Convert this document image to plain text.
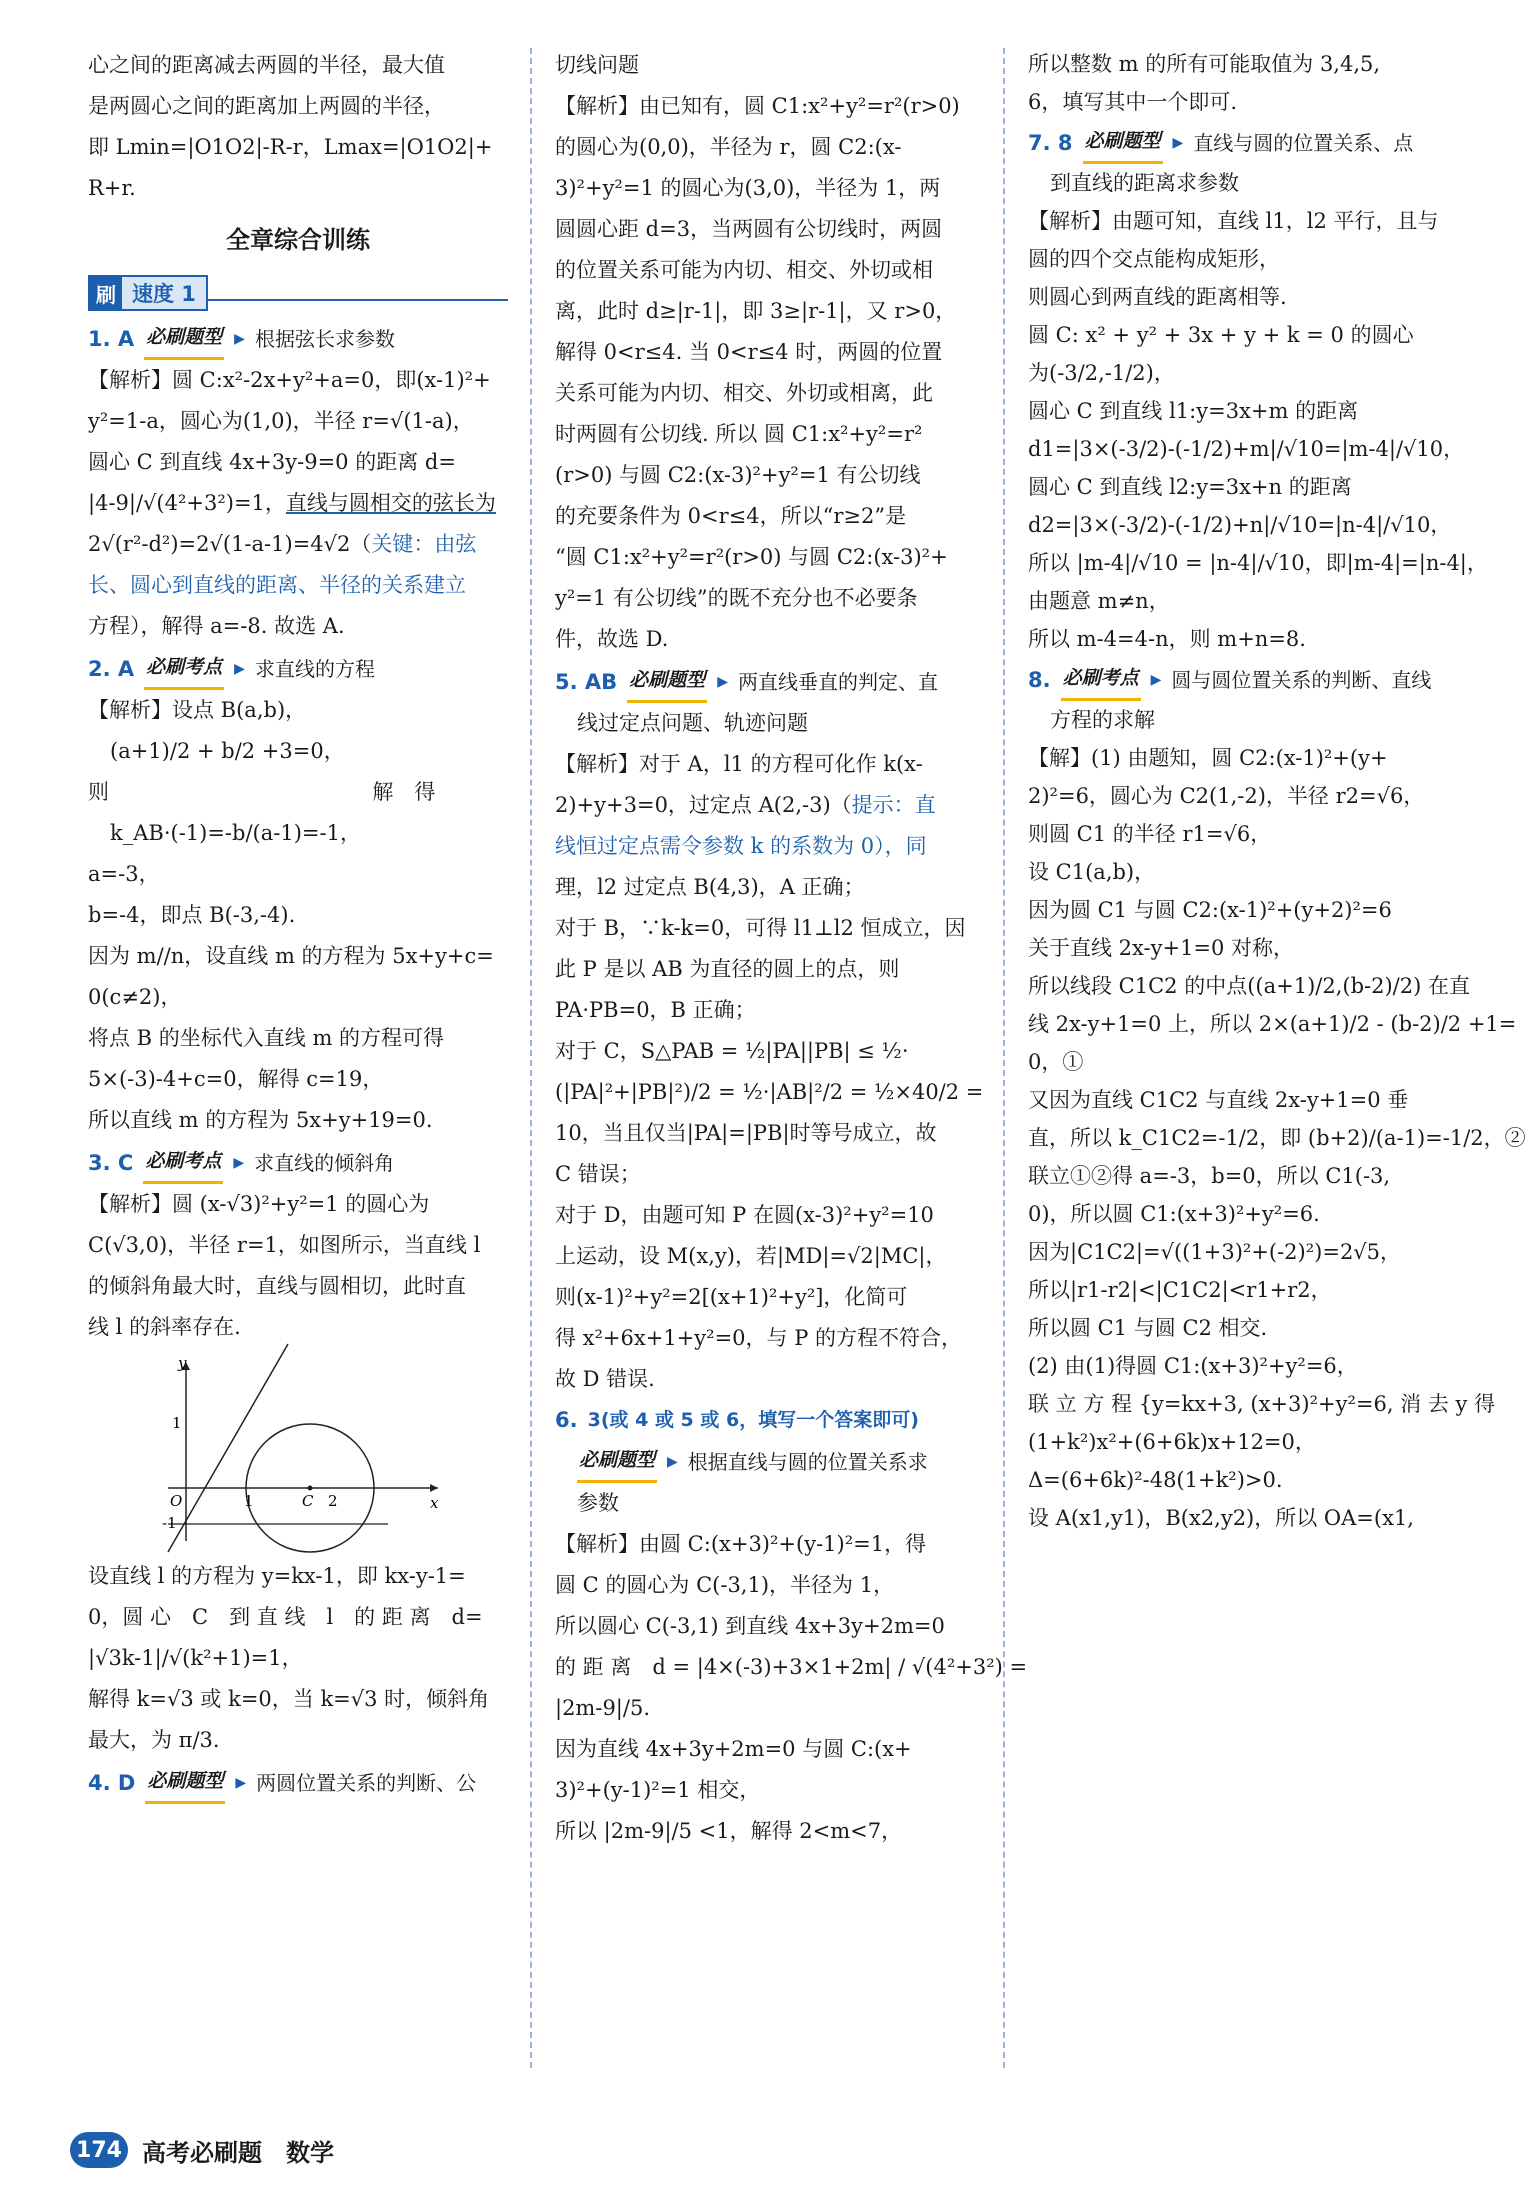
心之间的距离减去两圆的半径，最大值
是两圆心之间的距离加上两圆的半径，
即 Lmin=|O1O2|-R-r，Lmax=|O1O2|+
R+r.
全章综合训练
刷 速度 1
1. A 必刷题型 ▶ 根据弦长求参数
【解析】圆 C:x²-2x+y²+a=0，即(x-1)²+
y²=1-a，圆心为(1,0)，半径 r=√(1-a)，
圆心 C 到直线 4x+3y-9=0 的距离 d=
|4-9|/√(4²+3²)=1，直线与圆相交的弦长为
2√(r²-d²)=2√(1-a-1)=4√2（关键：由弦
长、圆心到直线的距离、半径的关系建立
方程），解得 a=-8. 故选 A.
2. A 必刷考点 ▶ 求直线的方程
【解析】设点 B(a,b)，
(a+1)/2 + b/2 +3=0，
则	解　得
k_AB·(-1)=-b/(a-1)=-1，
a=-3，
b=-4，即点 B(-3,-4).
因为 m//n，设直线 m 的方程为 5x+y+c=
0(c≠2)，
将点 B 的坐标代入直线 m 的方程可得
5×(-3)-4+c=0，解得 c=19，
所以直线 m 的方程为 5x+y+19=0.
3. C 必刷考点 ▶ 求直线的倾斜角
【解析】圆 (x-√3)²+y²=1 的圆心为
C(√3,0)，半径 r=1，如图所示，当直线 l
的倾斜角最大时，直线与圆相切，此时直
线 l 的斜率存在.
y
x
O	1	C 2
1
-1
设直线 l 的方程为 y=kx-1，即 kx-y-1=
0，圆 心　C　到 直 线　l　的 距 离　d=
|√3k-1|/√(k²+1)=1，
解得 k=√3 或 k=0，当 k=√3 时，倾斜角
最大，为 π/3.
4. D 必刷题型 ▶ 两圆位置关系的判断、公
切线问题
【解析】由已知有，圆 C1:x²+y²=r²(r>0)
的圆心为(0,0)，半径为 r，圆 C2:(x-
3)²+y²=1 的圆心为(3,0)，半径为 1，两
圆圆心距 d=3，当两圆有公切线时，两圆
的位置关系可能为内切、相交、外切或相
离，此时 d≥|r-1|，即 3≥|r-1|，又 r>0，
解得 0<r≤4. 当 0<r≤4 时，两圆的位置
关系可能为内切、相交、外切或相离，此
时两圆有公切线. 所以 圆 C1:x²+y²=r²
(r>0) 与圆 C2:(x-3)²+y²=1 有公切线
的充要条件为 0<r≤4，所以“r≥2”是
“圆 C1:x²+y²=r²(r>0) 与圆 C2:(x-3)²+
y²=1 有公切线”的既不充分也不必要条
件，故选 D.
5. AB 必刷题型 ▶ 两直线垂直的判定、直
线过定点问题、轨迹问题
【解析】对于 A，l1 的方程可化作 k(x-
2)+y+3=0，过定点 A(2,-3)（提示：直
线恒过定点需令参数 k 的系数为 0），同
理，l2 过定点 B(4,3)，A 正确；
对于 B，∵k-k=0，可得 l1⊥l2 恒成立，因
此 P 是以 AB 为直径的圆上的点，则
PA·PB=0，B 正确；
对于 C，S△PAB = ½|PA||PB| ≤ ½·
(|PA|²+|PB|²)/2 = ½·|AB|²/2 = ½×40/2 =
10，当且仅当|PA|=|PB|时等号成立，故
C 错误；
对于 D，由题可知 P 在圆(x-3)²+y²=10
上运动，设 M(x,y)，若|MD|=√2|MC|，
则(x-1)²+y²=2[(x+1)²+y²]，化简可
得 x²+6x+1+y²=0，与 P 的方程不符合，
故 D 错误.
6. 3(或 4 或 5 或 6，填写一个答案即可)
必刷题型 ▶ 根据直线与圆的位置关系求
参数
【解析】由圆 C:(x+3)²+(y-1)²=1，得
圆 C 的圆心为 C(-3,1)，半径为 1，
所以圆心 C(-3,1) 到直线 4x+3y+2m=0
的 距 离　d = |4×(-3)+3×1+2m| / √(4²+3²) =
|2m-9|/5.
因为直线 4x+3y+2m=0 与圆 C:(x+
3)²+(y-1)²=1 相交，
所以 |2m-9|/5 <1，解得 2<m<7，
所以整数 m 的所有可能取值为 3,4,5,
6，填写其中一个即可.
7. 8 必刷题型 ▶ 直线与圆的位置关系、点
到直线的距离求参数
【解析】由题可知，直线 l1，l2 平行，且与
圆的四个交点能构成矩形，
则圆心到两直线的距离相等.
圆 C: x² + y² + 3x + y + k = 0 的圆心
为(-3/2,-1/2)，
圆心 C 到直线 l1:y=3x+m 的距离
d1=|3×(-3/2)-(-1/2)+m|/√10=|m-4|/√10，
圆心 C 到直线 l2:y=3x+n 的距离
d2=|3×(-3/2)-(-1/2)+n|/√10=|n-4|/√10，
所以 |m-4|/√10 = |n-4|/√10，即|m-4|=|n-4|，
由题意 m≠n，
所以 m-4=4-n，则 m+n=8.
8. 必刷考点 ▶ 圆与圆位置关系的判断、直线
方程的求解
【解】(1) 由题知，圆 C2:(x-1)²+(y+
2)²=6，圆心为 C2(1,-2)，半径 r2=√6，
则圆 C1 的半径 r1=√6，
设 C1(a,b)，
因为圆 C1 与圆 C2:(x-1)²+(y+2)²=6
关于直线 2x-y+1=0 对称，
所以线段 C1C2 的中点((a+1)/2,(b-2)/2) 在直
线 2x-y+1=0 上，所以 2×(a+1)/2 - (b-2)/2 +1=
0，①
又因为直线 C1C2 与直线 2x-y+1=0 垂
直，所以 k_C1C2=-1/2，即 (b+2)/(a-1)=-1/2，②
联立①②得 a=-3，b=0，所以 C1(-3,
0)，所以圆 C1:(x+3)²+y²=6.
因为|C1C2|=√((1+3)²+(-2)²)=2√5，
所以|r1-r2|<|C1C2|<r1+r2，
所以圆 C1 与圆 C2 相交.
(2) 由(1)得圆 C1:(x+3)²+y²=6，
联 立 方 程 {y=kx+3, (x+3)²+y²=6, 消 去 y 得
(1+k²)x²+(6+6k)x+12=0，
Δ=(6+6k)²-48(1+k²)>0.
设 A(x1,y1)，B(x2,y2)，所以 OA=(x1,
174 高考必刷题　数学
